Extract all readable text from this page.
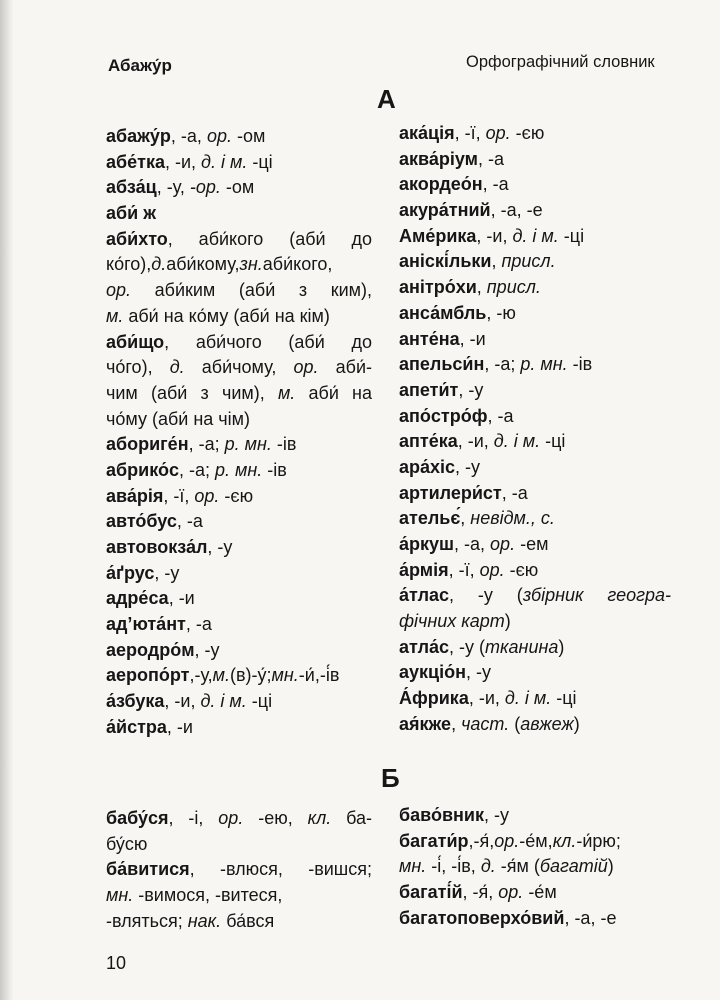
Абажу́р	Орфографічний словник
А
абажу́р, -а, ор. -ом
абе́тка, -и, д. і м. -ці
абза́ц, -у, -ор. -ом
аби́ ж
аби́хто, аби́кого (аби́ до
ко́го),д.аби́кому,зн.аби́кого,
ор. аби́ким (аби́ з ким),
м. аби́ на ко́му (аби́ на кім)
аби́що, аби́чого (аби́ до
чо́го), д. аби́чому, ор. аби́-
чим (аби́ з чим), м. аби́ на
чо́му (аби́ на чім)
абориге́н, -а; р. мн. -ів
абрико́с, -а; р. мн. -ів
ава́рія, -ї, ор. -єю
авто́бус, -а
автовокза́л, -у
а́ґрус, -у
адре́са, -и
ад’юта́нт, -а
аеродро́м, -у
аеропо́рт,-у,м.(в)-у́;мн.-и́,-і́в
а́збука, -и, д. і м. -ці
а́йстра, -и
ака́ція, -ї, ор. -єю
аква́ріум, -а
акордео́н, -а
акура́тний, -а, -е
Аме́рика, -и, д. і м. -ці
аніскі́льки, присл.
анітро́хи, присл.
анса́мбль, -ю
анте́на, -и
апельси́н, -а; р. мн. -ів
апети́т, -у
апо́стро́ф, -а
апте́ка, -и, д. і м. -ці
ара́хіс, -у
артилери́ст, -а
ательє́, невідм., с.
а́ркуш, -а, ор. -ем
а́рмія, -ї, ор. -єю
а́тлас, -у (збірник геогра-
фічних карт)
атла́с, -у (тканина)
аукціо́н, -у
А́фрика, -и, д. і м. -ці
ая́кже, част. (авжеж)
Б
бабу́ся, -і, ор. -ею, кл. ба-
бу́сю
ба́витися, -влюся, -вишся;
мн. -вимося, -витеся,
-вляться; нак. ба́вся
баво́вник, -у
багати́р,-я́,ор.-е́м,кл.-и́рю;
мн. -і́, -і́в, д. -я́м (багатій)
багаті́й, -я́, ор. -е́м
багатоповерхо́вий, -а, -е
10
